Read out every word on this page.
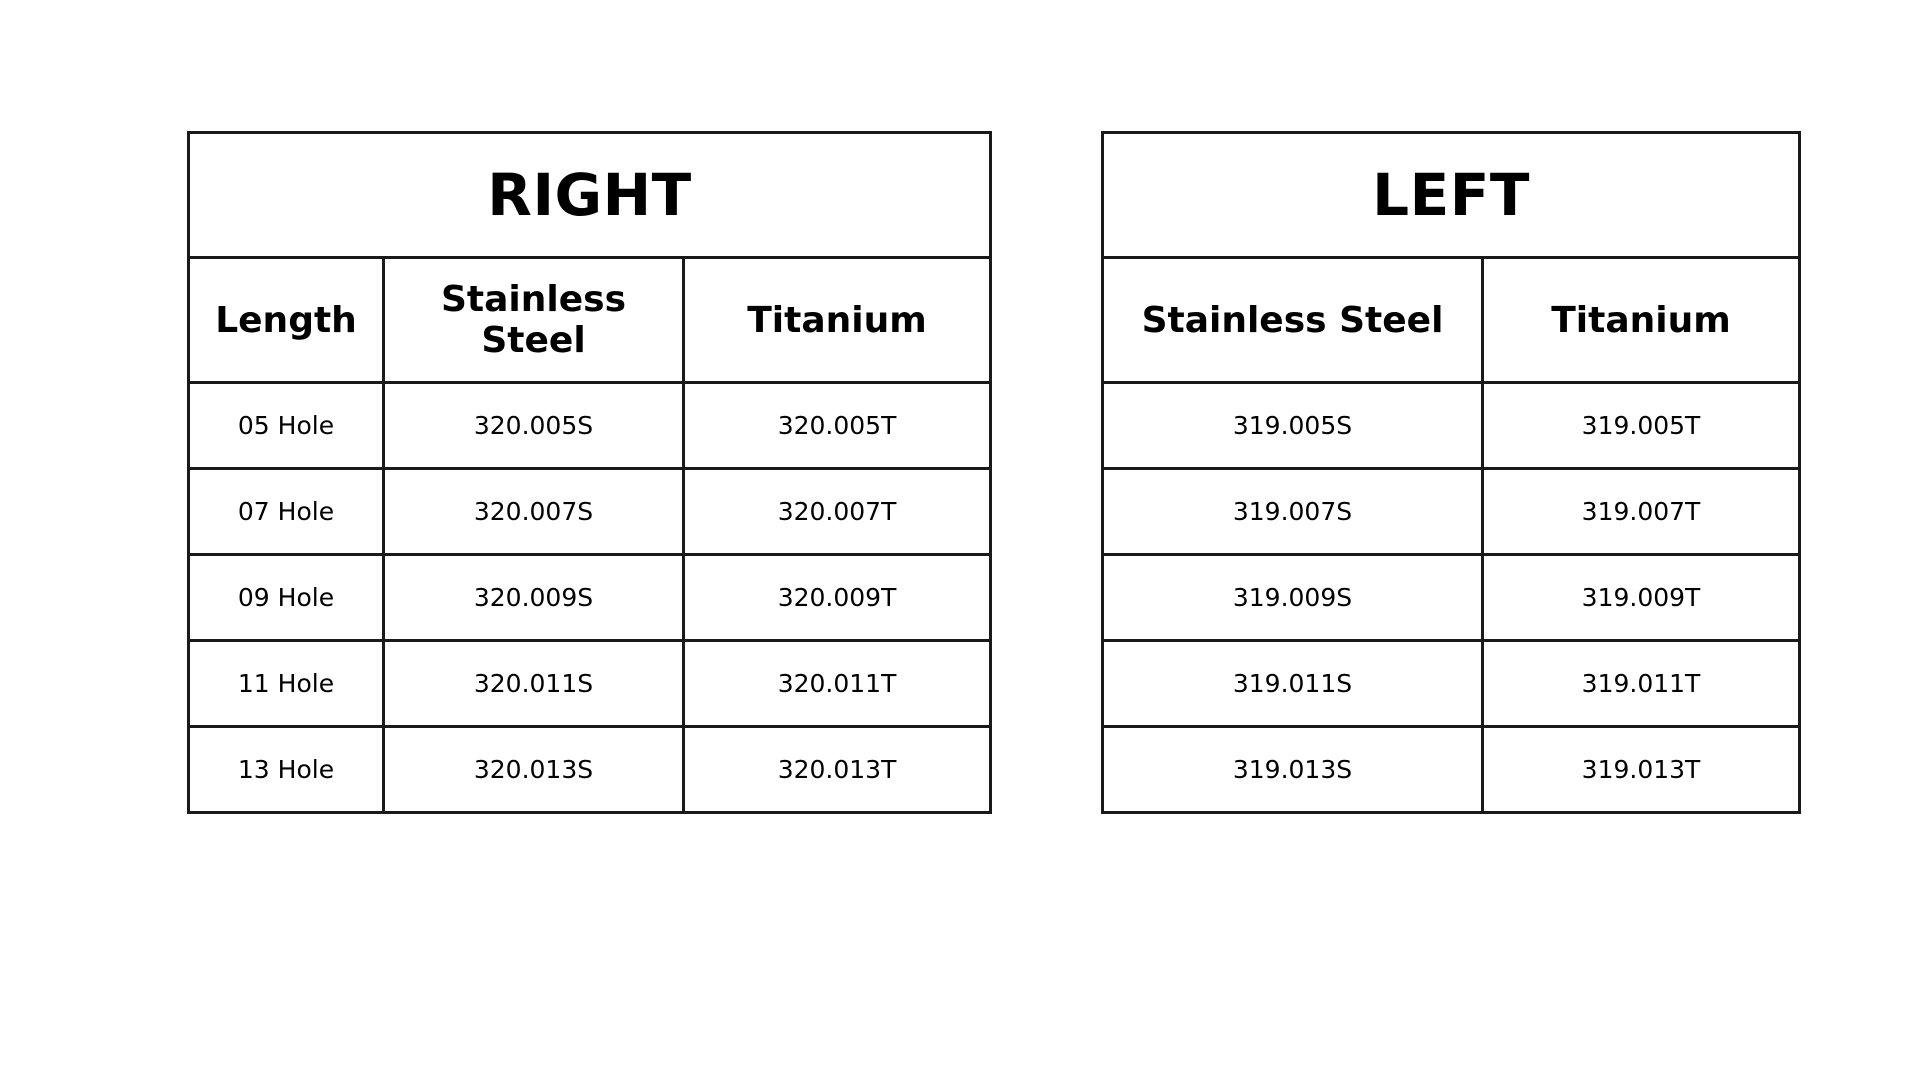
RIGHT		
Length	Stainless Steel	Titanium
05 Hole	320.005S	320.005T
07 Hole	320.007S	320.007T
09 Hole	320.009S	320.009T
11 Hole	320.011S	320.011T
13 Hole	320.013S	320.013T
LEFT	
Stainless Steel	Titanium
319.005S	319.005T
319.007S	319.007T
319.009S	319.009T
319.011S	319.011T
319.013S	319.013T
